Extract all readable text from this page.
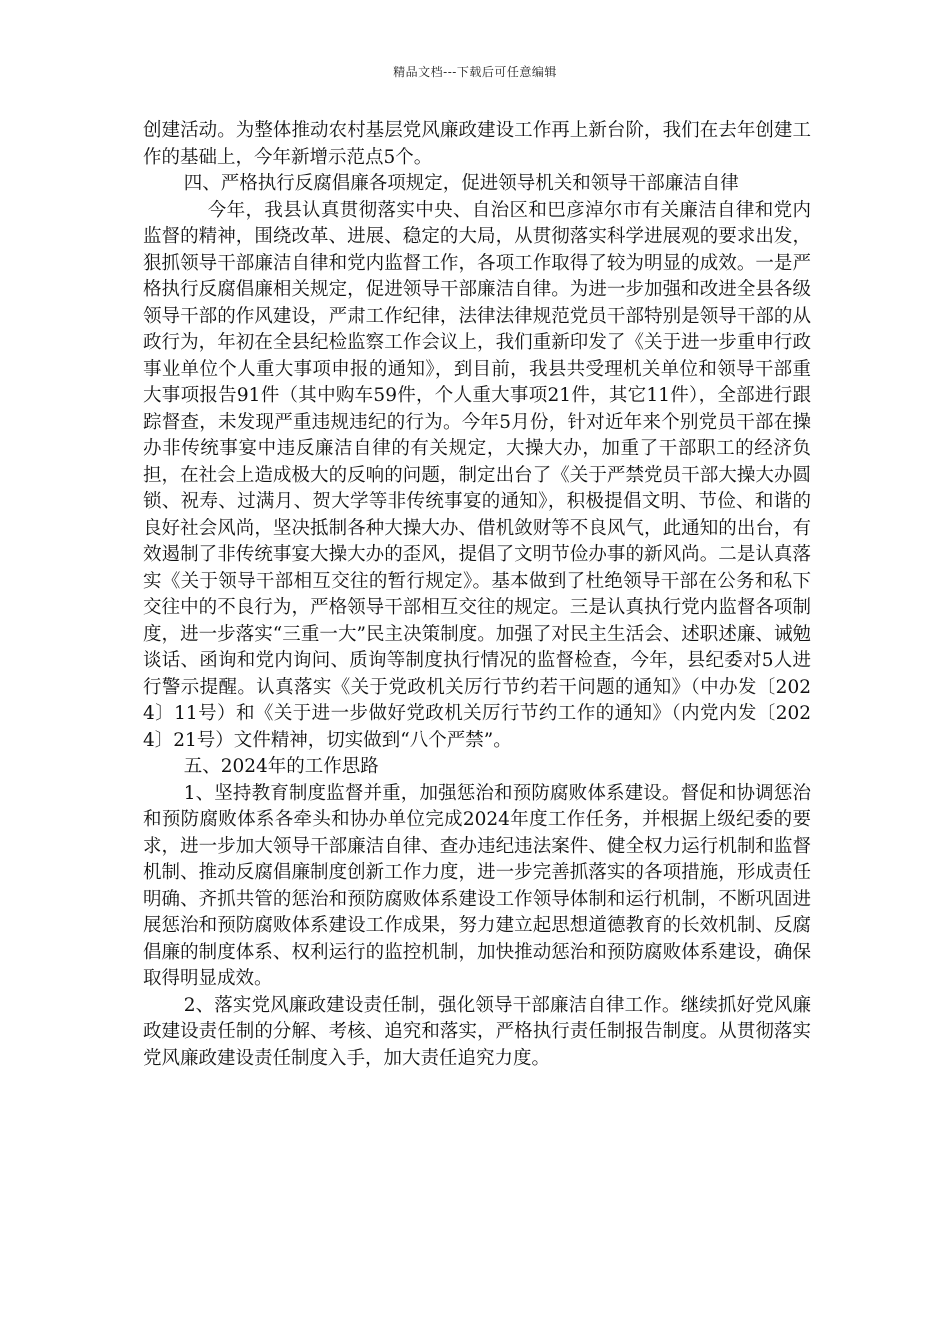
精品文档---下载后可任意编辑

创建活动。为整体推动农村基层党风廉政建设工作再上新台阶，我们在去年创建工作的基础上，今年新增示范点5个。

四、严格执行反腐倡廉各项规定，促进领导机关和领导干部廉洁自律

今年，我县认真贯彻落实中央、自治区和巴彦淖尔市有关廉洁自律和党内监督的精神，围绕改革、进展、稳定的大局，从贯彻落实科学进展观的要求出发，狠抓领导干部廉洁自律和党内监督工作，各项工作取得了较为明显的成效。一是严格执行反腐倡廉相关规定，促进领导干部廉洁自律。为进一步加强和改进全县各级领导干部的作风建设，严肃工作纪律，法律法律规范党员干部特别是领导干部的从政行为，年初在全县纪检监察工作会议上，我们重新印发了《关于进一步重申行政事业单位个人重大事项申报的通知》，到目前，我县共受理机关单位和领导干部重大事项报告91件（其中购车59件，个人重大事项21件，其它11件），全部进行跟踪督查，未发现严重违规违纪的行为。今年5月份，针对近年来个别党员干部在操办非传统事宴中违反廉洁自律的有关规定，大操大办，加重了干部职工的经济负担，在社会上造成极大的反响的问题，制定出台了《关于严禁党员干部大操大办圆锁、祝寿、过满月、贺大学等非传统事宴的通知》，积极提倡文明、节俭、和谐的良好社会风尚，坚决抵制各种大操大办、借机敛财等不良风气，此通知的出台，有效遏制了非传统事宴大操大办的歪风，提倡了文明节俭办事的新风尚。二是认真落实《关于领导干部相互交往的暂行规定》。基本做到了杜绝领导干部在公务和私下交往中的不良行为，严格领导干部相互交往的规定。三是认真执行党内监督各项制度，进一步落实“三重一大”民主决策制度。加强了对民主生活会、述职述廉、诫勉谈话、函询和党内询问、质询等制度执行情况的监督检查，今年，县纪委对5人进行警示提醒。认真落实《关于党政机关厉行节约若干问题的通知》（中办发〔2024〕11号）和《关于进一步做好党政机关厉行节约工作的通知》（内党内发〔2024〕21号）文件精神，切实做到“八个严禁”。

五、2024年的工作思路

1、坚持教育制度监督并重，加强惩治和预防腐败体系建设。督促和协调惩治和预防腐败体系各牵头和协办单位完成2024年度工作任务，并根据上级纪委的要求，进一步加大领导干部廉洁自律、查办违纪违法案件、健全权力运行机制和监督机制、推动反腐倡廉制度创新工作力度，进一步完善抓落实的各项措施，形成责任明确、齐抓共管的惩治和预防腐败体系建设工作领导体制和运行机制，不断巩固进展惩治和预防腐败体系建设工作成果，努力建立起思想道德教育的长效机制、反腐倡廉的制度体系、权利运行的监控机制，加快推动惩治和预防腐败体系建设，确保取得明显成效。

2、落实党风廉政建设责任制，强化领导干部廉洁自律工作。继续抓好党风廉政建设责任制的分解、考核、追究和落实，严格执行责任制报告制度。从贯彻落实党风廉政建设责任制度入手，加大责任追究力度。
